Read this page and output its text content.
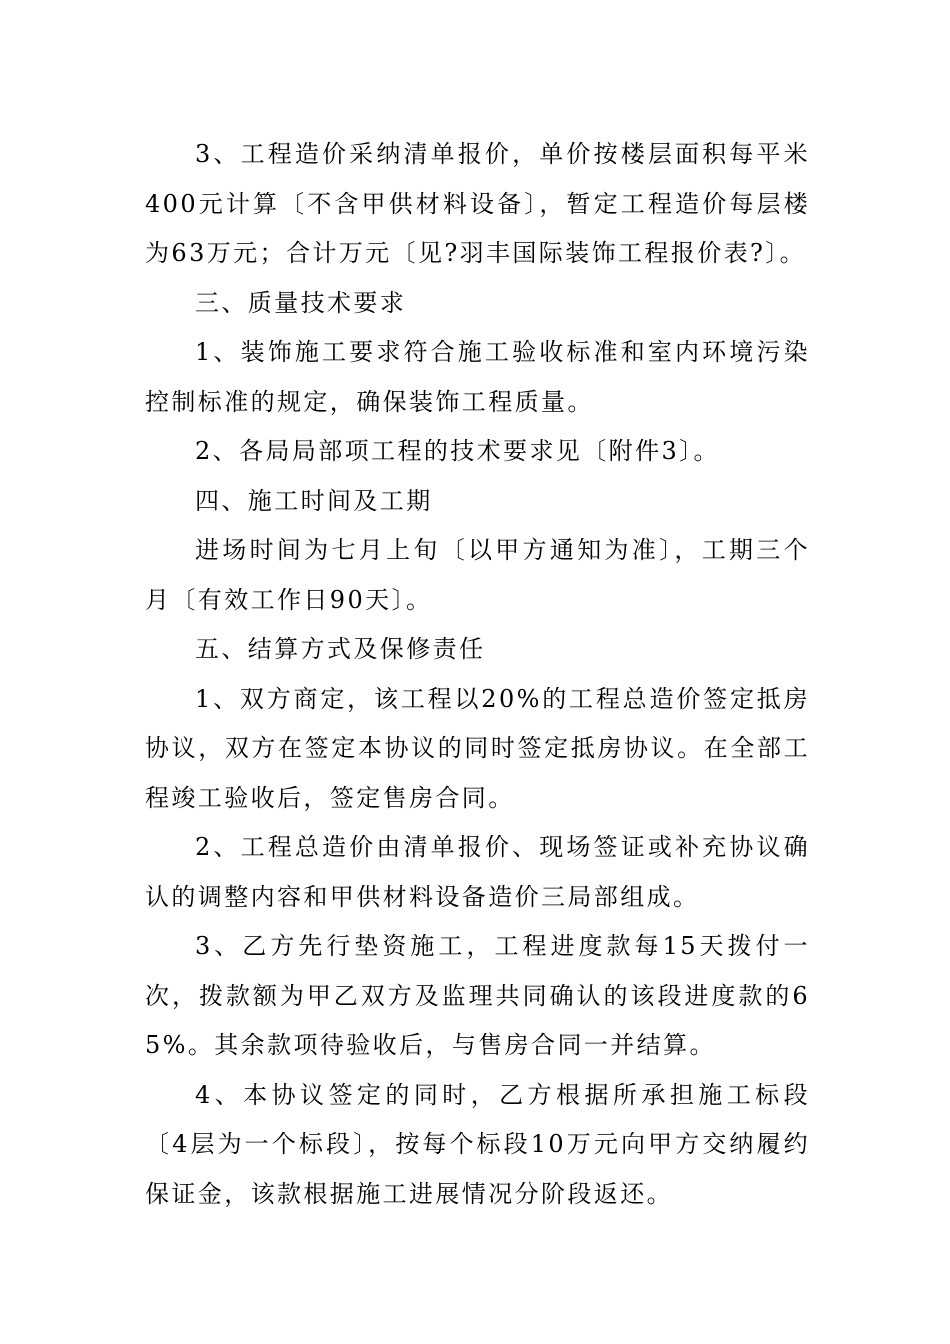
3、工程造价采纳清单报价，单价按楼层面积每平米400元计算〔不含甲供材料设备〕，暂定工程造价每层楼为63万元；合计万元〔见?羽丰国际装饰工程报价表?〕。

三、质量技术要求

1、装饰施工要求符合施工验收标准和室内环境污染控制标准的规定，确保装饰工程质量。

2、各局局部项工程的技术要求见〔附件3〕。

四、施工时间及工期

进场时间为七月上旬〔以甲方通知为准〕，工期三个月〔有效工作日90天〕。

五、结算方式及保修责任

1、双方商定，该工程以20%的工程总造价签定抵房协议，双方在签定本协议的同时签定抵房协议。在全部工程竣工验收后，签定售房合同。

2、工程总造价由清单报价、现场签证或补充协议确认的调整内容和甲供材料设备造价三局部组成。

3、乙方先行垫资施工，工程进度款每15天拨付一次，拨款额为甲乙双方及监理共同确认的该段进度款的65%。其余款项待验收后，与售房合同一并结算。

4、本协议签定的同时，乙方根据所承担施工标段〔4层为一个标段〕，按每个标段10万元向甲方交纳履约保证金，该款根据施工进展情况分阶段返还。
